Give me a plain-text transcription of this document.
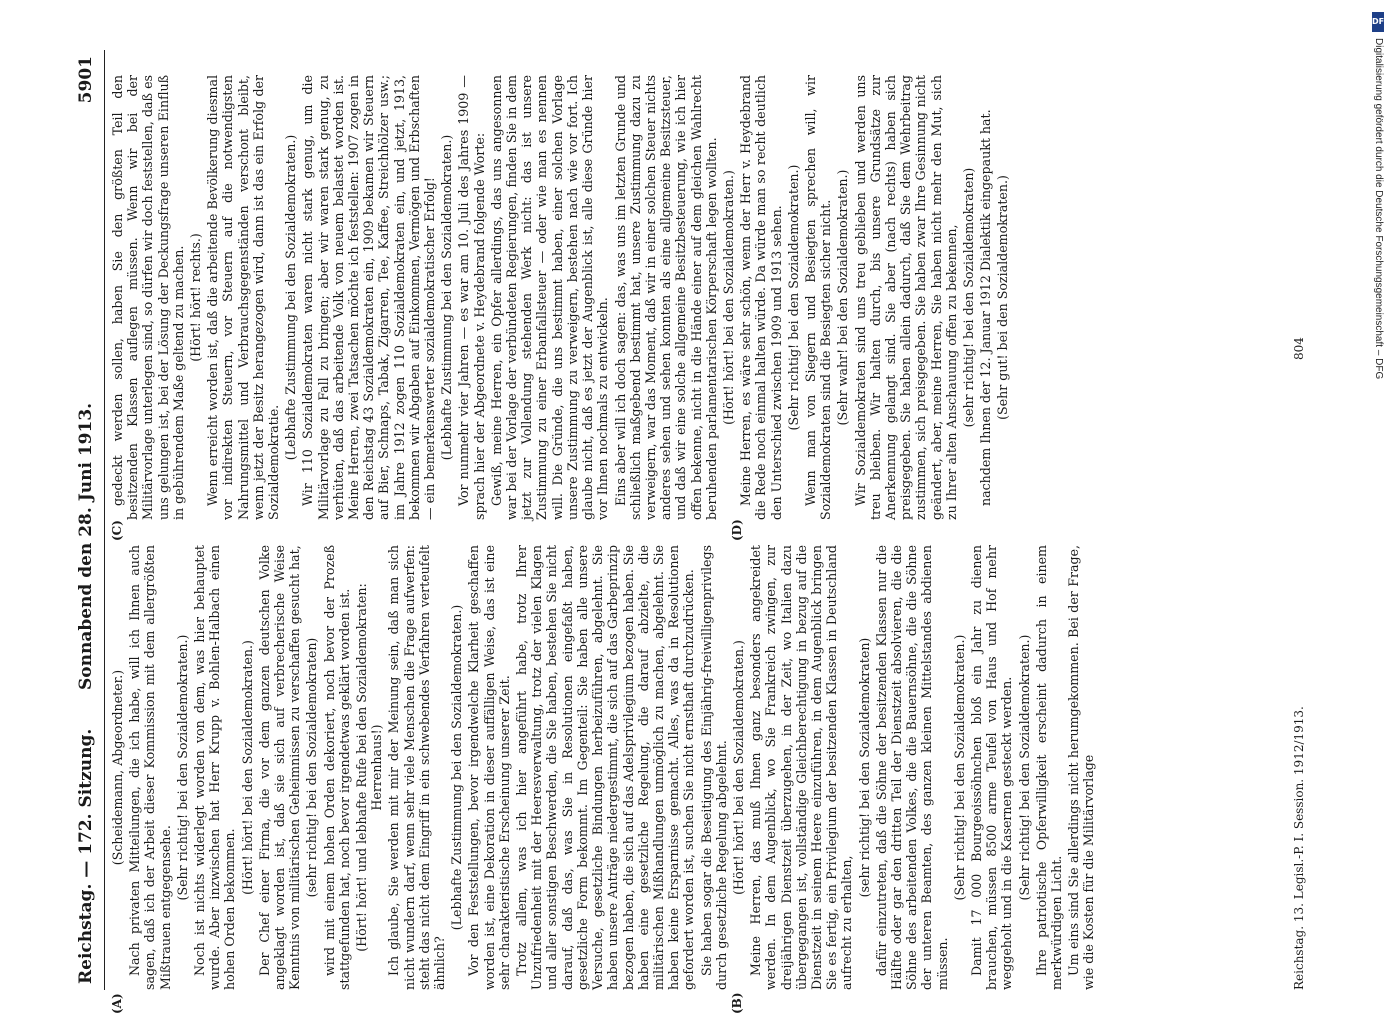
Reichstag. — 172. Sitzung.
Sonnabend den 28. Juni 1913.
5901

(Scheidemann, Abgeordneter.) Nach privaten Mitteilungen, die ich habe, will ich Ihnen auch sagen, daß ich der Arbeit dieser Kommission mit dem allergrößten Mißtrauen entgegensehe.

(Sehr richtig! bei den Sozialdemokraten.) Noch ist nichts widerlegt worden von dem, was hier behauptet wurde. Aber inzwischen hat Herr Krupp v. Bohlen-Halbach einen hohen Orden bekommen.

(Hört! hört! bei den Sozialdemokraten.) Der Chef einer Firma, die vor dem ganzen deutschen Volke angeklagt worden ist, daß sie sich auf verbrecherische Weise Kenntnis von militärischen Geheimnissen zu verschaffen gesucht hat, (sehr richtig! bei den Sozialdemokraten) wird mit einem hohen Orden dekoriert, noch bevor der Prozeß stattgefunden hat, noch bevor irgendetwas geklärt worden ist. (Hört! hört! und lebhafte Rufe bei den Sozialdemokraten: Herrenhaus!) Ich glaube, Sie werden mit mir der Meinung sein, daß man sich nicht wundern darf, wenn sehr viele Menschen die Frage aufwerfen: steht das nicht dem Eingriff in ein schwebendes Verfahren verteufelt ähnlich?

(Lebhafte Zustimmung bei den Sozialdemokraten.) Vor den Feststellungen, bevor irgendwelche Klarheit geschaffen worden ist, eine Dekoration in dieser auffälligen Weise, das ist eine sehr charakteristische Erscheinung unserer Zeit. Trotz allem, was ich hier angeführt habe, trotz Ihrer Unzufriedenheit mit der Heeresverwaltung, trotz der vielen Klagen und aller sonstigen Beschwerden, die Sie haben, bestehen Sie nicht darauf, daß das, was Sie in Resolutionen eingefaßt haben, gesetzliche Form bekommt. Im Gegenteil: Sie haben alle unsere Versuche, gesetzliche Bindungen herbeizuführen, abgelehnt. Sie haben unsere Anträge niedergestimmt, die sich auf das Garbeprinzip bezogen haben, die sich auf das Adelsprivilegium bezogen haben. Sie haben eine gesetzliche Regelung, die darauf abzielte, die militärischen Mißhandlungen unmöglich zu machen, abgelehnt. Sie haben keine Ersparnisse gemacht. Alles, was da in Resolutionen gefordert worden ist, suchen Sie nicht ernsthaft durchzudrücken. Sie haben sogar die Beseitigung des Einjährig-freiwilligenprivilegs durch gesetzliche Regelung abgelehnt. (Hört! hört! bei den Sozialdemokraten.) Meine Herren, das muß Ihnen ganz besonders angekreidet werden. In dem Augenblick, wo Sie Frankreich zwingen, zur dreijährigen Dienstzeit überzugehen, in der Zeit, wo Italien dazu übergegangen ist, vollständige Gleichberechtigung in bezug auf die Dienstzeit in seinem Heere einzuführen, in dem Augenblick bringen Sie es fertig, ein Privilegium der besitzenden Klassen in Deutschland aufrecht zu erhalten,

(sehr richtig! bei den Sozialdemokraten) dafür einzutreten, daß die Söhne der besitzenden Klassen nur die Hälfte oder gar den dritten Teil der Dienstzeit absolvieren, die die Söhne des arbeitenden Volkes, die die Bauernsöhne, die die Söhne der unteren Beamten, des ganzen kleinen Mittelstandes abdienen müssen.

(Sehr richtig! bei den Sozialdemokraten.) Damit 17 000 Bourgeoissöhnchen bloß ein Jahr zu dienen brauchen, müssen 8500 arme Teufel von Haus und Hof mehr weggeholt und in die Kasernen gesteckt werden. (Sehr richtig! bei den Sozialdemokraten.) Ihre patriotische Opferwilligkeit erscheint dadurch in einem merkwürdigen Licht. Um eins sind Sie allerdings nicht herumgekommen. Bei der Frage, wie die Kosten für die Militärvorlage

gedeckt werden sollen, haben Sie den größten Teil den besitzenden Klassen auflegen müssen. Wenn wir bei der Militärvorlage unterlegen sind, so dürfen wir doch feststellen, daß es uns gelungen ist, bei der Lösung der Deckungsfrage unseren Einfluß in gebührendem Maße geltend zu machen. (Hört! hört! rechts.) Wenn erreicht worden ist, daß die arbeitende Bevölkerung diesmal vor indirekten Steuern, vor Steuern auf die notwendigsten Nahrungsmittel und Verbrauchsgegenständen verschont bleibt, wenn jetzt der Besitz herangezogen wird, dann ist das ein Erfolg der Sozialdemokratie.

(Lebhafte Zustimmung bei den Sozialdemokraten.) Wir 110 Sozialdemokraten waren nicht stark genug, um die Militärvorlage zu Fall zu bringen; aber wir waren stark genug, zu verhüten, daß das arbeitende Volk von neuem belastet worden ist. Meine Herren, zwei Tatsachen möchte ich feststellen: 1907 zogen in den Reichstag 43 Sozialdemokraten ein, 1909 bekamen wir Steuern auf Bier, Schnaps, Tabak, Zigarren, Tee, Kaffee, Streichhölzer usw.; im Jahre 1912 zogen 110 Sozialdemokraten ein, und jetzt, 1913, bekommen wir Abgaben auf Einkommen, Vermögen und Erbschaften — ein bemerkenswerter sozialdemokratischer Erfolg! (Lebhafte Zustimmung bei den Sozialdemokraten.) Vor nunmehr vier Jahren — es war am 10. Juli des Jahres 1909 — sprach hier der Abgeordnete v. Heydebrand folgende Worte: Gewiß, meine Herren, ein Opfer allerdings, das uns angesonnen war bei der Vorlage der verbündeten Regierungen, finden Sie in dem jetzt zur Vollendung stehenden Werk nicht: das ist unsere Zustimmung zu einer Erbanfallsteuer — oder wie man es nennen will. Die Gründe, die uns bestimmt haben, einer solchen Vorlage unsere Zustimmung zu verweigern, bestehen nach wie vor fort. Ich glaube nicht, daß es jetzt der Augenblick ist, alle diese Gründe hier vor Ihnen nochmals zu entwickeln. Eins aber will ich doch sagen: das, was uns im letzten Grunde und schließlich maßgebend bestimmt hat, unsere Zustimmung dazu zu verweigern, war das Moment, daß wir in einer solchen Steuer nichts anderes sehen und sehen konnten als eine allgemeine Besitzsteuer, und daß wir eine solche allgemeine Besitzbesteuerung, wie ich hier offen bekenne, nicht in die Hände einer auf dem gleichen Wahlrecht beruhenden parlamentarischen Körperschaft legen wollten. (Hört! hört! bei den Sozialdemokraten.) Meine Herren, es wäre sehr schön, wenn der Herr v. Heydebrand die Rede noch einmal halten würde. Da würde man so recht deutlich den Unterschied zwischen 1909 und 1913 sehen. (Sehr richtig! bei den Sozialdemokraten.) Wenn man von Siegern und Besiegten sprechen will, wir Sozialdemokraten sind die Besiegten sicher nicht. (Sehr wahr! bei den Sozialdemokraten.) Wir Sozialdemokraten sind uns treu geblieben und werden uns treu bleiben. Wir halten durch, bis unsere Grundsätze zur Anerkennung gelangt sind. Sie aber (nach rechts) haben sich preisgegeben. Sie haben allein dadurch, daß Sie dem Wehrbeitrag zustimmen, sich preisgegeben. Sie haben zwar Ihre Gesinnung nicht geändert, aber, meine Herren, Sie haben nicht mehr den Mut, sich zu Ihrer alten Anschauung offen zu bekennen, (sehr richtig! bei den Sozialdemokraten) nachdem Ihnen der 12. Januar 1912 Dialektik eingepaukt hat. (Sehr gut! bei den Sozialdemokraten.)

(A)	(B)
(C)	(D)
Reichstag. 13. Legisl.-P. I. Session. 1912/1913.
804
DFG
Digitalisierung gefördert durch die Deutsche Forschungsgemeinschaft – DFG
